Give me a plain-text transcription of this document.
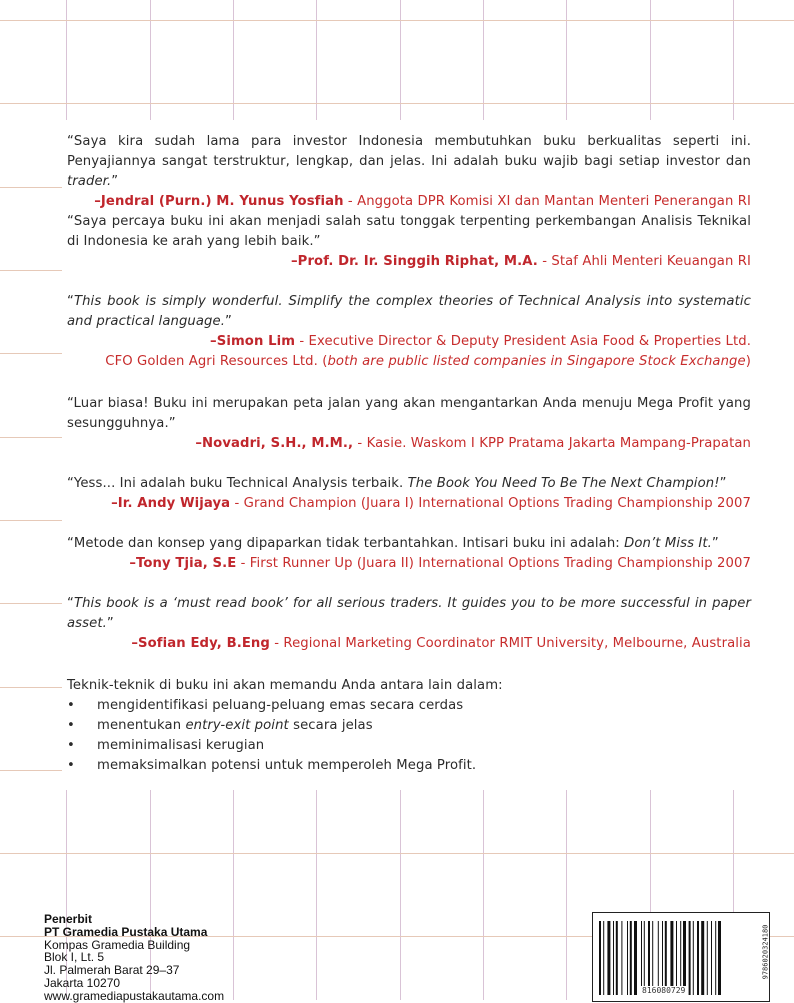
“Saya kira sudah lama para investor Indonesia membutuhkan buku berkualitas seperti ini. Penyajiannya sangat terstruktur, lengkap, dan jelas. Ini adalah buku wajib bagi setiap investor dan trader.”

–Jendral (Purn.) M. Yunus Yosfiah - Anggota DPR Komisi XI dan Mantan Menteri Penerangan RI

“Saya percaya buku ini akan menjadi salah satu tonggak terpenting perkembangan Analisis Teknikal di Indonesia ke arah yang lebih baik.”

–Prof. Dr. Ir. Singgih Riphat, M.A. - Staf Ahli Menteri Keuangan RI

“This book is simply wonderful. Simplify the complex theories of Technical Analysis into systematic and practical language.”

–Simon Lim - Executive Director & Deputy President Asia Food & Properties Ltd.
CFO Golden Agri Resources Ltd. (both are public listed companies in Singapore Stock Exchange)

“Luar biasa! Buku ini merupakan peta jalan yang akan mengantarkan Anda menuju Mega Profit yang sesungguhnya.”

–Novadri, S.H., M.M., - Kasie. Waskom I KPP Pratama Jakarta Mampang-Prapatan

“Yess... Ini adalah buku Technical Analysis terbaik. The Book You Need To Be The Next Champion!”

–Ir. Andy Wijaya - Grand Champion (Juara I) International Options Trading Championship 2007

“Metode dan konsep yang dipaparkan tidak terbantahkan. Intisari buku ini adalah: Don’t Miss It.”

–Tony Tjia, S.E - First Runner Up (Juara II) International Options Trading Championship 2007

“This book is a ‘must read book’ for all serious traders. It guides you to be more successful in paper asset.”

–Sofian Edy, B.Eng - Regional Marketing Coordinator RMIT University, Melbourne, Australia

Teknik-teknik di buku ini akan memandu Anda antara lain dalam:

• mengidentifikasi peluang-peluang emas secara cerdas
• menentukan entry-exit point secara jelas
• meminimalisasi kerugian
• memaksimalkan potensi untuk memperoleh Mega Profit.
Penerbit
PT Gramedia Pustaka Utama
Kompas Gramedia Building
Blok I, Lt. 5
Jl. Palmerah Barat 29–37
Jakarta 10270
www.gramediapustakautama.com	816080729
9786020324180
